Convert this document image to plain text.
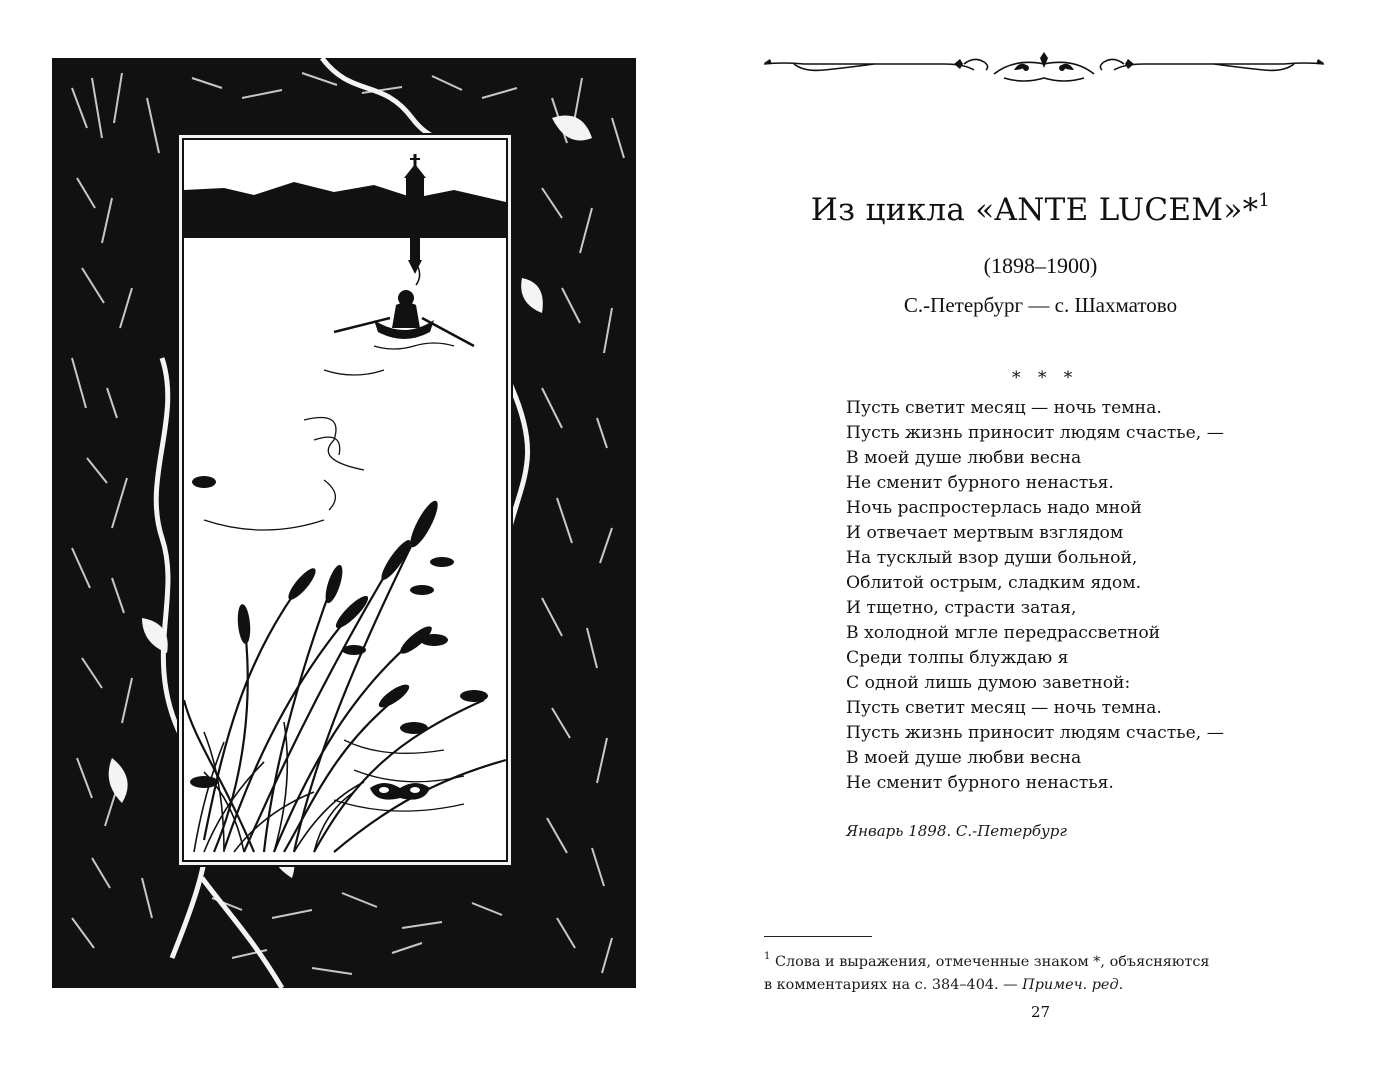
Из цикла «ANTE LUCEM»*$^1$
(1898–1900)
С.-Петербург — с. Шахматово
* * *
Пусть светит месяц — ночь темна.
Пусть жизнь приносит людям счастье, —
В моей душе любви весна
Не сменит бурного ненастья.
Ночь распростерлась надо мной
И отвечает мертвым взглядом
На тусклый взор души больной,
Облитой острым, сладким ядом.
И тщетно, страсти затая,
В холодной мгле передрассветной
Среди толпы блуждаю я
С одной лишь думою заветной:
Пусть светит месяц — ночь темна.
Пусть жизнь приносит людям счастье, —
В моей душе любви весна
Не сменит бурного ненастья.
Январь 1898. С.-Петербург
$^1$ Слова и выражения, отмеченные знаком *, объясняются
в комментариях на с. 384–404. — Примеч. ред.
27
